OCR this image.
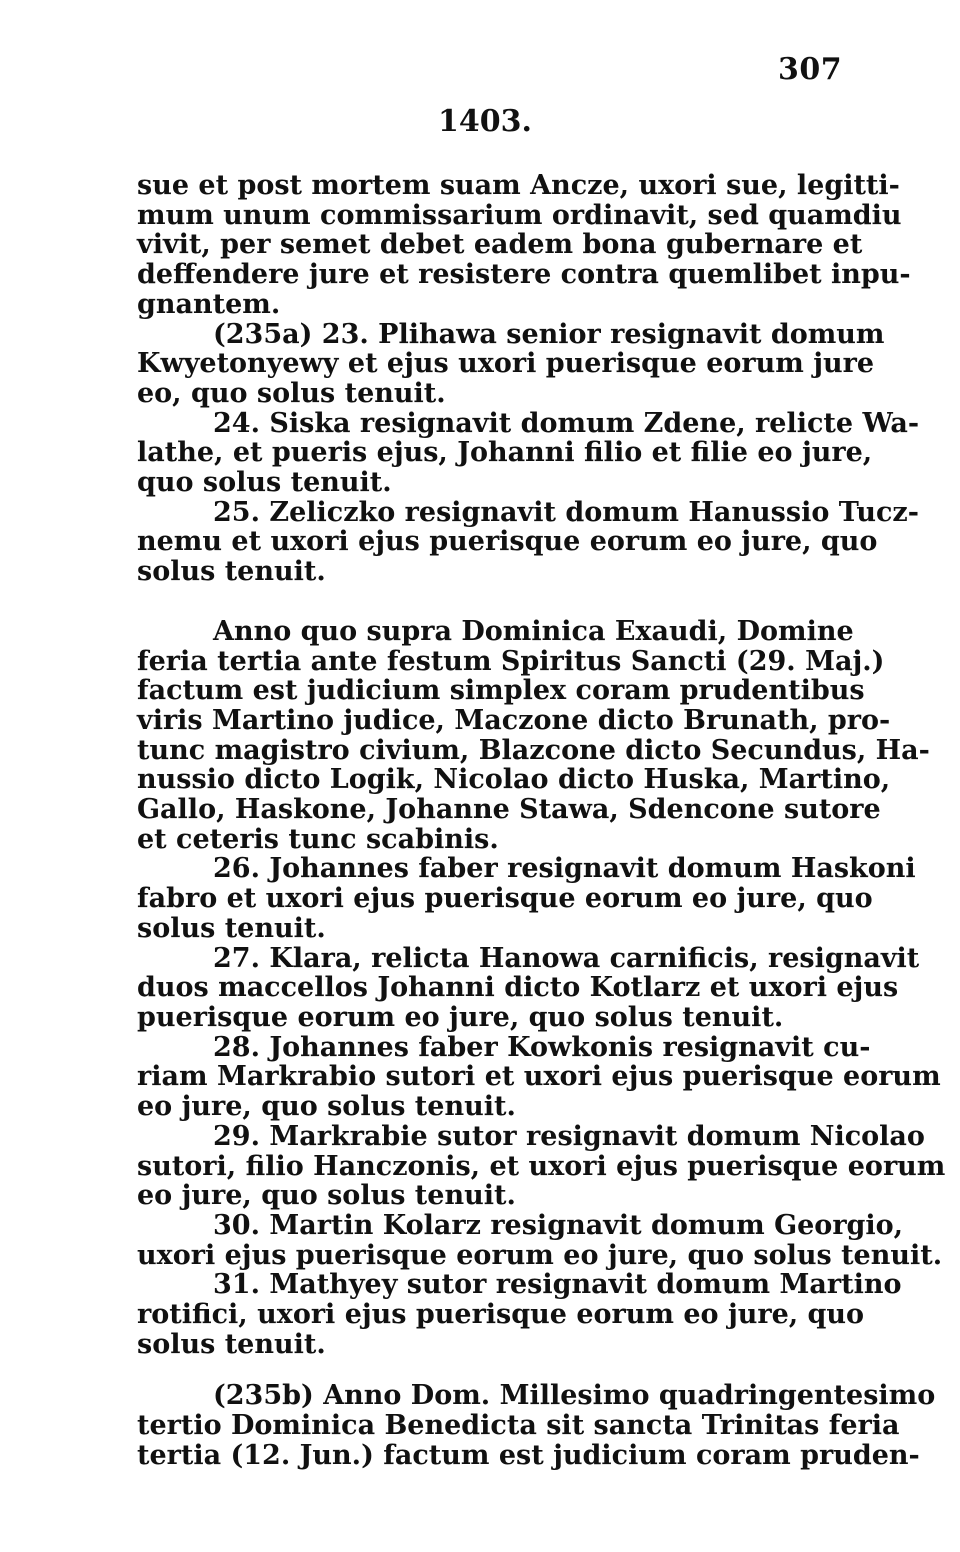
307
1403.
sue et post mortem suam Ancze, uxori sue, legitti-
mum unum commissarium ordinavit, sed quamdiu
vivit, per semet debet eadem bona gubernare et
deffendere jure et resistere contra quemlibet inpu-
gnantem.
(235a) 23. Plihawa senior resignavit domum
Kwyetonyewy et ejus uxori puerisque eorum jure
eo, quo solus tenuit.
24. Siska resignavit domum Zdene, relicte Wa-
lathe, et pueris ejus, Johanni filio et filie eo jure,
quo solus tenuit.
25. Zeliczko resignavit domum Hanussio Tucz-
nemu et uxori ejus puerisque eorum eo jure, quo
solus tenuit.
Anno quo supra Dominica Exaudi, Domine
feria tertia ante festum Spiritus Sancti (29. Maj.)
factum est judicium simplex coram prudentibus
viris Martino judice, Maczone dicto Brunath, pro-
tunc magistro civium, Blazcone dicto Secundus, Ha-
nussio dicto Logik, Nicolao dicto Huska, Martino,
Gallo, Haskone, Johanne Stawa, Sdencone sutore
et ceteris tunc scabinis.
26. Johannes faber resignavit domum Haskoni
fabro et uxori ejus puerisque eorum eo jure, quo
solus tenuit.
27. Klara, relicta Hanowa carnificis, resignavit
duos maccellos Johanni dicto Kotlarz et uxori ejus
puerisque eorum eo jure, quo solus tenuit.
28. Johannes faber Kowkonis resignavit cu-
riam Markrabio sutori et uxori ejus puerisque eorum
eo jure, quo solus tenuit.
29. Markrabie sutor resignavit domum Nicolao
sutori, filio Hanczonis, et uxori ejus puerisque eorum
eo jure, quo solus tenuit.
30. Martin Kolarz resignavit domum Georgio,
uxori ejus puerisque eorum eo jure, quo solus tenuit.
31. Mathyey sutor resignavit domum Martino
rotifici, uxori ejus puerisque eorum eo jure, quo
solus tenuit.
(235b) Anno Dom. Millesimo quadringentesimo
tertio Dominica Benedicta sit sancta Trinitas feria
tertia (12. Jun.) factum est judicium coram pruden-
